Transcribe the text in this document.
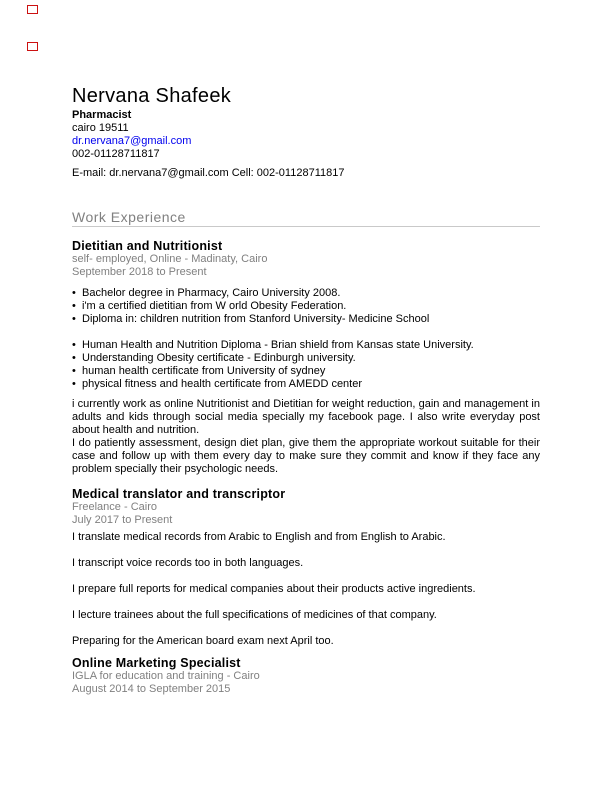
Nervana Shafeek
Pharmacist
cairo 19511
dr.nervana7@gmail.com
002-01128711817
E-mail: dr.nervana7@gmail.com Cell: 002-01128711817
Work Experience
Dietitian and Nutritionist
self- employed, Online - Madinaty, Cairo
September 2018 to Present
• Bachelor degree in Pharmacy, Cairo University 2008.
• i'm a certified dietitian from W orld Obesity Federation.
• Diploma in: children nutrition from Stanford University- Medicine School
• Human Health and Nutrition Diploma - Brian shield from Kansas state University.
• Understanding Obesity certificate - Edinburgh university.
• human health certificate from University of sydney
• physical fitness and health certificate from AMEDD center
i currently work as online Nutritionist and Dietitian for weight reduction, gain and management in adults and kids through social media specially my facebook page. I also write everyday post about health and nutrition.
I do patiently assessment, design diet plan, give them the appropriate workout suitable for their case and follow up with them every day to make sure they commit and know if they face any problem specially their psychologic needs.
Medical translator and transcriptor
Freelance - Cairo
July 2017 to Present
I translate medical records from Arabic to English and from English to Arabic.
I transcript voice records too in both languages.
I prepare full reports for medical companies about their products active ingredients.
I lecture trainees about the full specifications of medicines of that company.
Preparing for the American board exam next April too.
Online Marketing Specialist
IGLA for education and training - Cairo
August 2014 to September 2015
